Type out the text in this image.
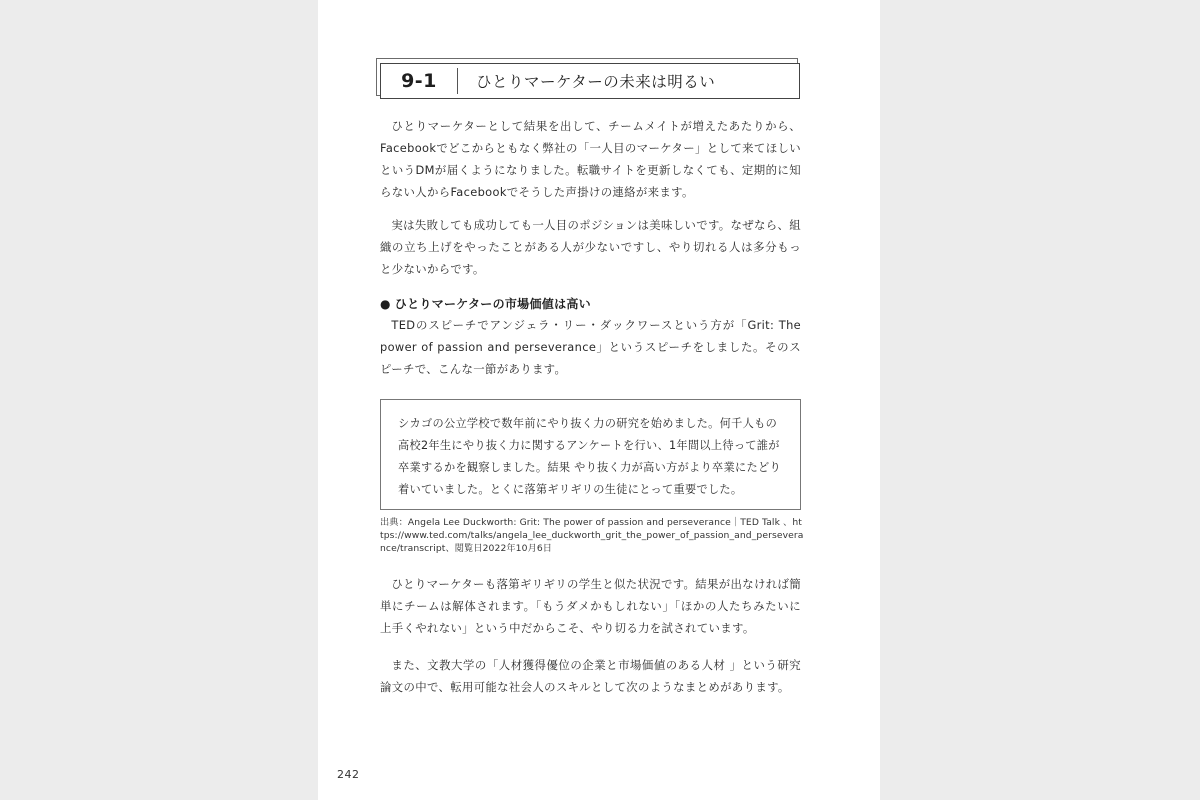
9-1	ひとりマーケターの未来は明るい

ひとりマーケターとして結果を出して、チームメイトが増えたあたりから、Facebookでどこからともなく弊社の「一人目のマーケター」として来てほしいというDMが届くようになりました。転職サイトを更新しなくても、定期的に知らない人からFacebookでそうした声掛けの連絡が来ます。

実は失敗しても成功しても一人目のポジションは美味しいです。なぜなら、組織の立ち上げをやったことがある人が少ないですし、やり切れる人は多分もっと少ないからです。

● ひとりマーケターの市場価値は高い

TEDのスピーチでアンジェラ・リー・ダックワースという方が「Grit: The power of passion and perseverance」というスピーチをしました。そのスピーチで、こんな一節があります。

シカゴの公立学校で数年前にやり抜く力の研究を始めました。何千人もの高校2年生にやり抜く力に関するアンケートを行い、1年間以上待って誰が卒業するかを観察しました。結果 やり抜く力が高い方がより卒業にたどり着いていました。とくに落第ギリギリの生徒にとって重要でした。
出典：Angela Lee Duckworth: Grit: The power of passion and perseverance｜TED Talk 、https://www.ted.com/talks/angela_lee_duckworth_grit_the_power_of_passion_and_perseverance/transcript、閲覧日2022年10月6日

ひとりマーケターも落第ギリギリの学生と似た状況です。結果が出なければ簡単にチームは解体されます。「もうダメかもしれない」「ほかの人たちみたいに上手くやれない」という中だからこそ、やり切る力を試されています。

また、文教大学の「人材獲得優位の企業と市場価値のある人材 」という研究論文の中で、転用可能な社会人のスキルとして次のようなまとめがあります。

242
